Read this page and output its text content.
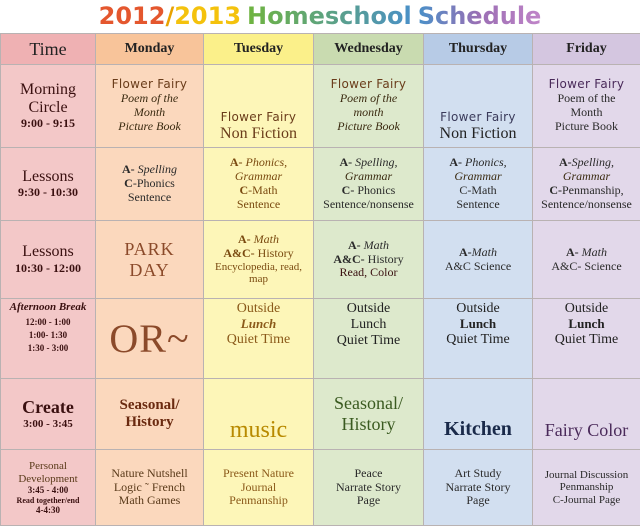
2012 / 2013 Homeschool Schedule
Time	Monday	Tuesday	Wednesday	Thursday	Friday

Morning
Circle
9:00 - 9:15	Flower Fairy
Poem of the
Month
Picture Book	Flower Fairy
Non Fiction	Flower Fairy
Poem of the
month
Picture Book	Flower Fairy
Non Fiction	Flower Fairy
Poem of the
Month
Picture Book

Lessons
9:30 - 10:30	A- Spelling
C-Phonics
Sentence	A- Phonics,
Grammar
C-Math
Sentence	A- Spelling,
Grammar
C- Phonics
Sentence/nonsense	A- Phonics,
Grammar
C-Math
Sentence	A-Spelling,
Grammar
C-Penmanship,
Sentence/nonsense

Lessons
10:30 - 12:00	PARK
DAY	A- Math
A&C- History
Encyclopedia, read,
map	A- Math
A&C- History
Read, Color	A-Math
A&C Science	A- Math
A&C- Science

Afternoon Break
12:00 - 1:00
1:00- 1:30
1:30 - 3:00	OR~	Outside
Lunch
Quiet Time	Outside
Lunch
Quiet Time	Outside
Lunch
Quiet Time	Outside
Lunch
Quiet Time

Create
3:00 - 3:45	Seasonal/
History	music	Seasonal/
History	Kitchen	Fairy Color

Personal
Development
3:45 - 4:00
Read together/end
4-4:30	Nature Nutshell
Logic ˜ French
Math Games	Present Nature
Journal
Penmanship	Peace
Narrate Story
Page	Art Study
Narrate Story
Page	Journal Discussion
Penmanship
C-Journal Page
